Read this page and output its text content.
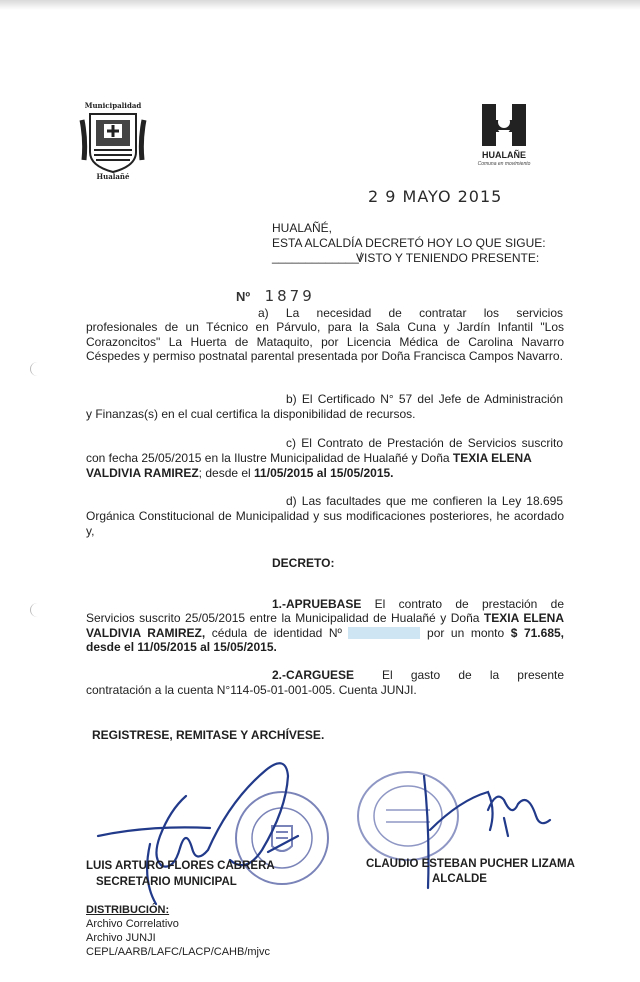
Municipalidad
Hualañé
HUALAÑE
Comuna en movimiento
2 9 MAYO 2015
HUALAÑÉ,
ESTA ALCALDÍA DECRETÓ HOY LO QUE SIGUE:
_____________/
VISTO Y TENIENDO PRESENTE:
Nº 1879
a) La necesidad de contratar los servicios
profesionales de un Técnico en Párvulo, para la Sala Cuna y Jardín Infantil "Los Corazoncitos" La Huerta de Mataquito, por Licencia Médica de Carolina Navarro Céspedes y permiso postnatal parental presentada por Doña Francisca Campos Navarro.
b) El Certificado N° 57 del Jefe de Administración
y Finanzas(s) en el cual certifica la disponibilidad de recursos.
c) El Contrato de Prestación de Servicios suscrito
con fecha 25/05/2015 en la Ilustre Municipalidad de Hualañé y Doña TEXIA ELENA
VALDIVIA RAMIREZ; desde el 11/05/2015 al 15/05/2015.
d) Las facultades que me confieren la Ley 18.695
Orgánica Constitucional de Municipalidad y sus modificaciones posteriores, he acordado y,
DECRETO:
1.-APRUEBASE El contrato de prestación de
Servicios suscrito 25/05/2015 entre la Municipalidad de Hualañé y Doña TEXIA ELENA VALDIVIA RAMIREZ, cédula de identidad Nº	por un monto $ 71.685, desde el 11/05/2015 al 15/05/2015.
2.-CARGUESE El gasto de la presente
contratación a la cuenta N°114-05-01-001-005. Cuenta JUNJI.
REGISTRESE, REMITASE Y ARCHÍVESE.
LUIS ARTURO FLORES CABRERA
SECRETARIO MUNICIPAL
CLAUDIO ESTEBAN PUCHER LIZAMA
ALCALDE
DISTRIBUCIÓN:
Archivo Correlativo
Archivo JUNJI
CEPL/AARB/LAFC/LACP/CAHB/mjvc
